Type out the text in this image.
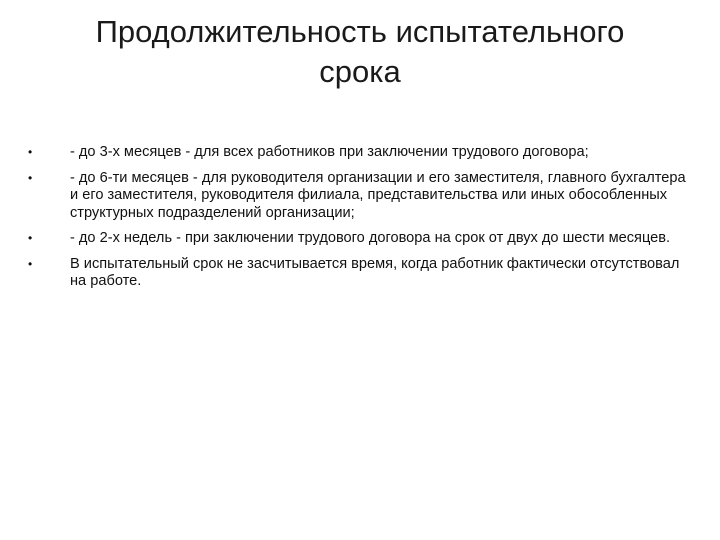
Продолжительность испытательного
срока
•	- до 3-х месяцев - для всех работников при заключении трудового договора;
•	- до 6-ти месяцев - для руководителя организации и его заместителя, главного бухгалтера и его заместителя, руководителя филиала, представительства или иных обособленных структурных подразделений организации;
•	- до 2-х недель - при заключении трудового договора на срок от двух до шести месяцев.
•	В испытательный срок не засчитывается время, когда работник фактически отсутствовал на работе.
